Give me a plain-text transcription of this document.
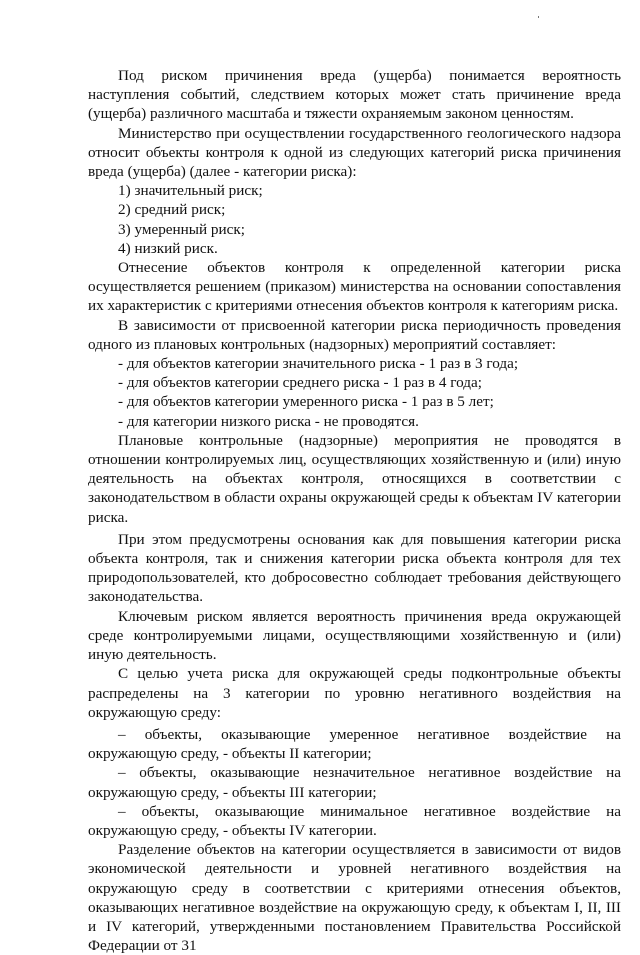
Под риском причинения вреда (ущерба) понимается вероятность наступления событий, следствием которых может стать причинение вреда (ущерба) различного масштаба и тяжести охраняемым законом ценностям.

Министерство при осуществлении государственного геологического надзора относит объекты контроля к одной из следующих категорий риска причинения вреда (ущерба) (далее - категории риска):

1) значительный риск;

2) средний риск;

3) умеренный риск;

4) низкий риск.

Отнесение объектов контроля к определенной категории риска осуществляется решением (приказом) министерства на основании сопоставления их характеристик с критериями отнесения объектов контроля к категориям риска.

В зависимости от присвоенной категории риска периодичность проведения одного из плановых контрольных (надзорных) мероприятий составляет:

- для объектов категории значительного риска - 1 раз в 3 года;

- для объектов категории среднего риска - 1 раз в 4 года;

- для объектов категории умеренного риска - 1 раз в 5 лет;

- для категории низкого риска - не проводятся.

Плановые контрольные (надзорные) мероприятия не проводятся в отношении контролируемых лиц, осуществляющих хозяйственную и (или) иную деятельность на объектах контроля, относящихся в соответствии с законодательством в области охраны окружающей среды к объектам IV категории риска.

При этом предусмотрены основания как для повышения категории риска объекта контроля, так и снижения категории риска объекта контроля для тех природопользователей, кто добросовестно соблюдает требования действующего законодательства.

Ключевым риском является вероятность причинения вреда окружающей среде контролируемыми лицами, осуществляющими хозяйственную и (или) иную деятельность.

С целью учета риска для окружающей среды подконтрольные объекты распределены на 3 категории по уровню негативного воздействия на окружающую среду:

– объекты, оказывающие умеренное негативное воздействие на окружающую среду, - объекты II категории;

– объекты, оказывающие незначительное негативное воздействие на окружающую среду, - объекты III категории;

– объекты, оказывающие минимальное негативное воздействие на окружающую среду, - объекты IV категории.

Разделение объектов на категории осуществляется в зависимости от видов экономической деятельности и уровней негативного воздействия на окружающую среду в соответствии с критериями отнесения объектов, оказывающих негативное воздействие на окружающую среду, к объектам I, II, III и IV категорий, утвержденными постановлением Правительства Российской Федерации от 31
